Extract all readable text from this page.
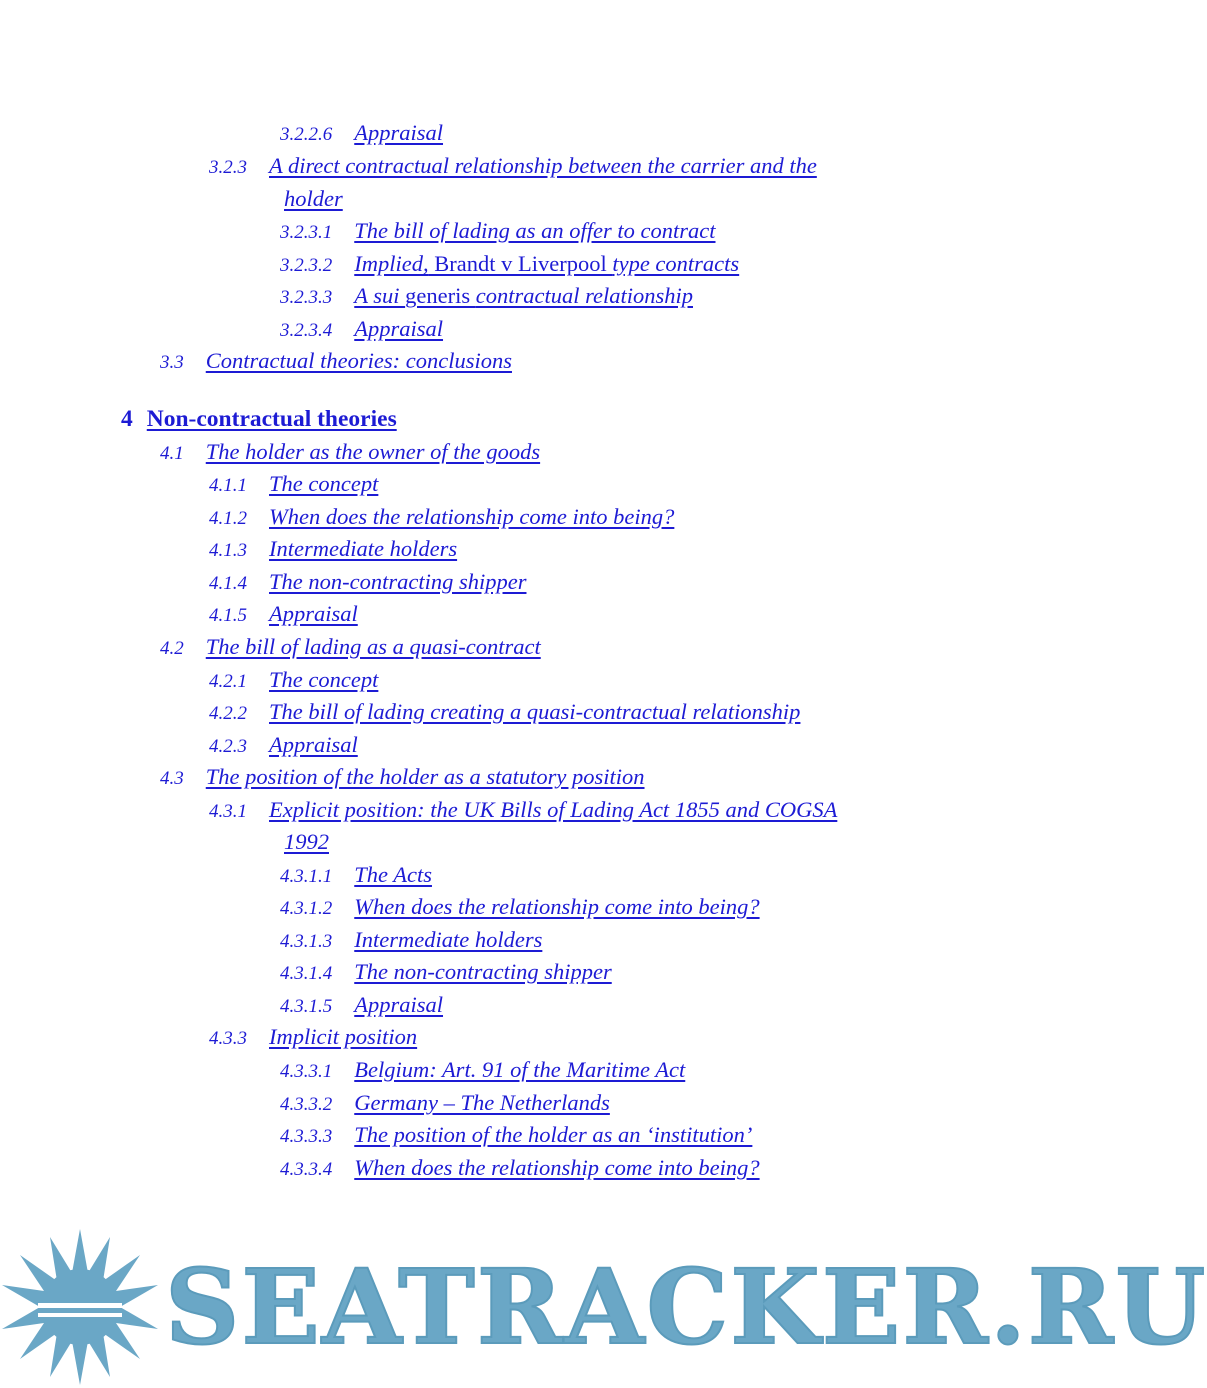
3.2.2.6 Appraisal
3.2.3 A direct contractual relationship between the carrier and the
holder
3.2.3.1 The bill of lading as an offer to contract
3.2.3.2 Implied, Brandt v Liverpool type contracts
3.2.3.3 A sui generis contractual relationship
3.2.3.4 Appraisal
3.3 Contractual theories: conclusions
4 Non-contractual theories
4.1 The holder as the owner of the goods
4.1.1 The concept
4.1.2 When does the relationship come into being?
4.1.3 Intermediate holders
4.1.4 The non-contracting shipper
4.1.5 Appraisal
4.2 The bill of lading as a quasi-contract
4.2.1 The concept
4.2.2 The bill of lading creating a quasi-contractual relationship
4.2.3 Appraisal
4.3 The position of the holder as a statutory position
4.3.1 Explicit position: the UK Bills of Lading Act 1855 and COGSA
1992
4.3.1.1 The Acts
4.3.1.2 When does the relationship come into being?
4.3.1.3 Intermediate holders
4.3.1.4 The non-contracting shipper
4.3.1.5 Appraisal
4.3.3 Implicit position
4.3.3.1 Belgium: Art. 91 of the Maritime Act
4.3.3.2 Germany – The Netherlands
4.3.3.3 The position of the holder as an ‘institution’
4.3.3.4 When does the relationship come into being?
SEATRACKER.RU
